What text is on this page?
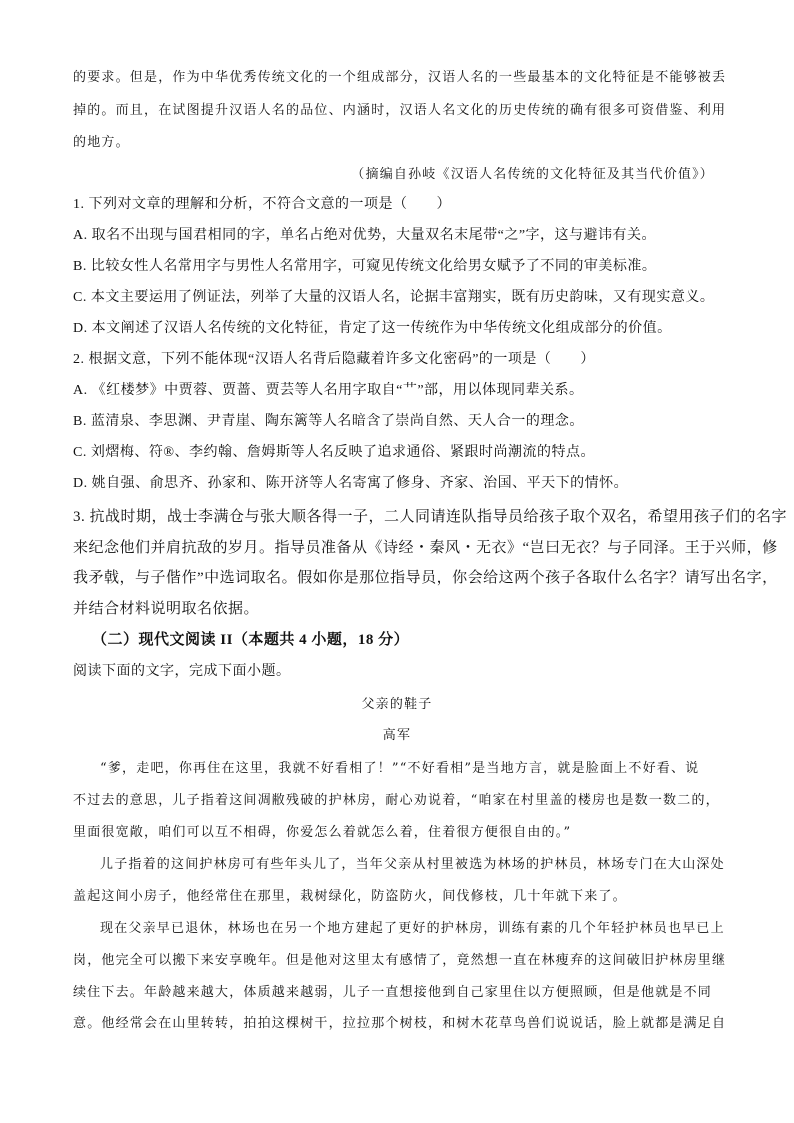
的要求。但是，作为中华优秀传统文化的一个组成部分，汉语人名的一些最基本的文化特征是不能够被丢
掉的。而且，在试图提升汉语人名的品位、内涵时，汉语人名文化的历史传统的确有很多可资借鉴、利用
的地方。
（摘编自孙岐《汉语人名传统的文化特征及其当代价值》）
1. 下列对文章的理解和分析，不符合文意的一项是（　　）
A. 取名不出现与国君相同的字，单名占绝对优势，大量双名末尾带“之”字，这与避讳有关。
B. 比较女性人名常用字与男性人名常用字，可窥见传统文化给男女赋予了不同的审美标准。
C. 本文主要运用了例证法，列举了大量的汉语人名，论据丰富翔实，既有历史韵味，又有现实意义。
D. 本文阐述了汉语人名传统的文化特征，肯定了这一传统作为中华传统文化组成部分的价值。
2. 根据文意，下列不能体现“汉语人名背后隐藏着许多文化密码”的一项是（　　）
A. 《红楼梦》中贾蓉、贾蔷、贾芸等人名用字取自“艹”部，用以体现同辈关系。
B. 蓝清泉、李思渊、尹青崖、陶东篱等人名暗含了崇尚自然、天人合一的理念。
C. 刘熠梅、符®、李约翰、詹姆斯等人名反映了追求通俗、紧跟时尚潮流的特点。
D. 姚自强、俞思齐、孙家和、陈开济等人名寄寓了修身、齐家、治国、平天下的情怀。
3. 抗战时期，战士李满仓与张大顺各得一子，二人同请连队指导员给孩子取个双名，希望用孩子们的名字
来纪念他们并肩抗敌的岁月。指导员准备从《诗经・秦风・无衣》“岂曰无衣？与子同泽。王于兴师，修
我矛戟，与子偕作”中选词取名。假如你是那位指导员，你会给这两个孩子各取什么名字？请写出名字，
并结合材料说明取名依据。
（二）现代文阅读 II（本题共 4 小题，18 分）
阅读下面的文字，完成下面小题。
父亲的鞋子
高军
“爹，走吧，你再住在这里，我就不好看相了！”“不好看相”是当地方言，就是脸面上不好看、说
不过去的意思，儿子指着这间凋敝残破的护林房，耐心劝说着，“咱家在村里盖的楼房也是数一数二的，
里面很宽敞，咱们可以互不相碍，你爱怎么着就怎么着，住着很方便很自由的。”
儿子指着的这间护林房可有些年头儿了，当年父亲从村里被选为林场的护林员，林场专门在大山深处
盖起这间小房子，他经常住在那里，栽树绿化，防盗防火，间伐修枝，几十年就下来了。
现在父亲早已退休，林场也在另一个地方建起了更好的护林房，训练有素的几个年轻护林员也早已上
岗，他完全可以搬下来安享晚年。但是他对这里太有感情了，竟然想一直在林瘦弃的这间破旧护林房里继
续住下去。年龄越来越大，体质越来越弱，儿子一直想接他到自己家里住以方便照顾，但是他就是不同
意。他经常会在山里转转，拍拍这棵树干，拉拉那个树枝，和树木花草鸟兽们说说话，脸上就都是满足自
